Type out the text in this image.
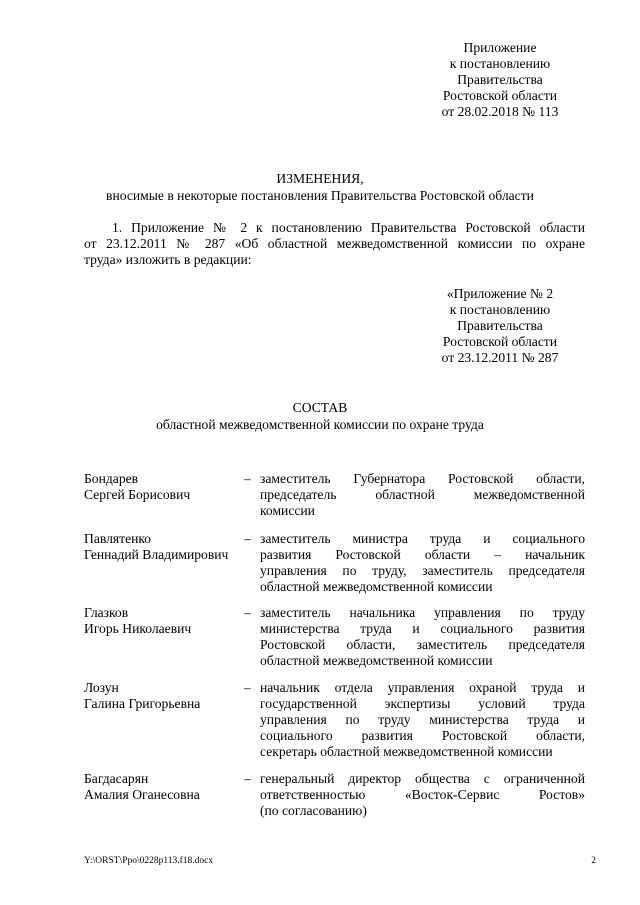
Приложение
к постановлению
Правительства
Ростовской области
от 28.02.2018 № 113
ИЗМЕНЕНИЯ,
вносимые в некоторые постановления Правительства Ростовской области
1. Приложение № 2 к постановлению Правительства Ростовской области
от 23.12.2011 № 287 «Об областной межведомственной комиссии по охране
труда» изложить в редакции:
«Приложение № 2
к постановлению
Правительства
Ростовской области
от 23.12.2011 № 287
СОСТАВ
областной межведомственной комиссии по охране труда
Бондарев
Сергей Борисович
– заместитель Губернатора Ростовской области,
председатель областной межведомственной
комиссии
Павлятенко
Геннадий Владимирович
– заместитель министра труда и социального
развития Ростовской области – начальник
управления по труду, заместитель председателя
областной межведомственной комиссии
Глазков
Игорь Николаевич
– заместитель начальника управления по труду
министерства труда и социального развития
Ростовской области, заместитель председателя
областной межведомственной комиссии
Лозун
Галина Григорьевна
– начальник отдела управления охраной труда и
государственной экспертизы условий труда
управления по труду министерства труда и
социального развития Ростовской области,
секретарь областной межведомственной комиссии
Багдасарян
Амалия Оганесовна
– генеральный директор общества с ограниченной
ответственностью «Восток-Сервис Ростов»
(по согласованию)
Y:\ORST\Ppo\0228p113.f18.docx	2
